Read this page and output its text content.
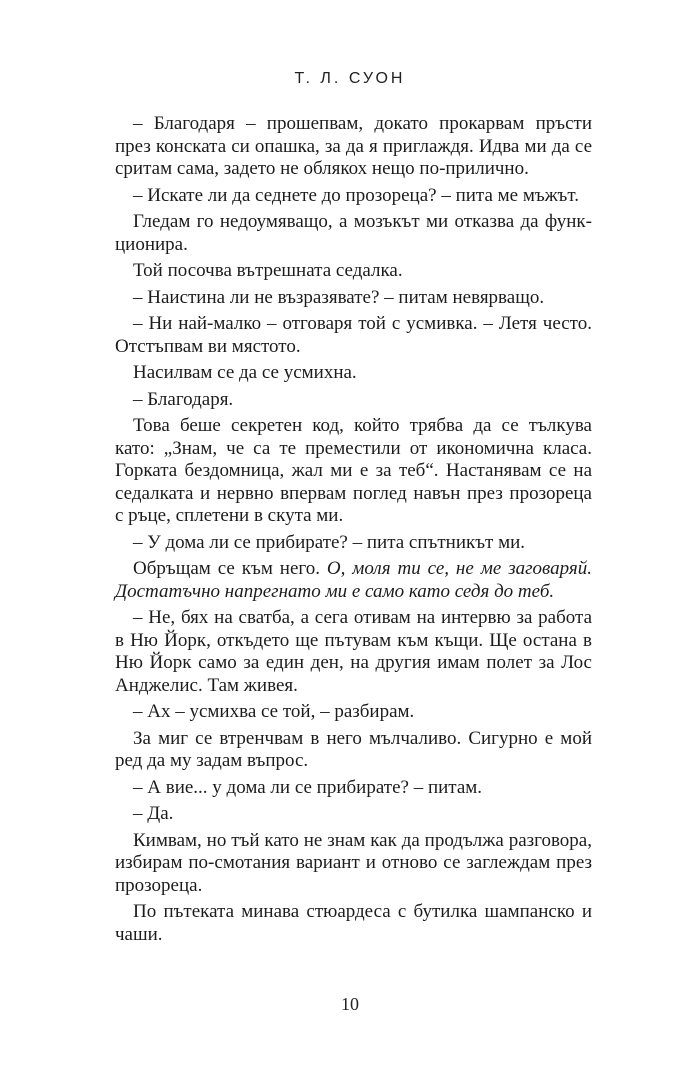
Т. Л. СУОН

– Благодаря – прошепвам, докато прокарвам пръсти през конската си опашка, за да я приглаждя. Идва ми да се сритам сама, задето не облякох нещо по-прилично.

– Искате ли да седнете до прозореца? – пита ме мъжът.

Гледам го недоумяващо, а мозъкът ми отказва да функ-ционира.

Той посочва вътрешната седалка.

– Наистина ли не възразявате? – питам невярващо.

– Ни най-малко – отговаря той с усмивка. – Летя често. Отстъпвам ви мястото.

Насилвам се да се усмихна.

– Благодаря.

Това беше секретен код, който трябва да се тълкува като: „Знам, че са те преместили от икономична класа. Горката бездомница, жал ми е за теб“. Настанявам се на седалката и нервно впервам поглед навън през прозореца с ръце, сплетени в скута ми.

– У дома ли се прибирате? – пита спътникът ми.

Обръщам се към него. О, моля ти се, не ме заговаряй. Достатъчно напрегнато ми е само като седя до теб.

– Не, бях на сватба, а сега отивам на интервю за работа в Ню Йорк, откъдето ще пътувам към къщи. Ще остана в Ню Йорк само за един ден, на другия имам полет за Лос Анджелис. Там живея.

– Ах – усмихва се той, – разбирам.

За миг се втренчвам в него мълчаливо. Сигурно е мой ред да му задам въпрос.

– А вие... у дома ли се прибирате? – питам.

– Да.

Кимвам, но тъй като не знам как да продължа разговора, избирам по-смотания вариант и отново се заглеждам през прозореца.

По пътеката минава стюардеса с бутилка шампанско и чаши.

10
